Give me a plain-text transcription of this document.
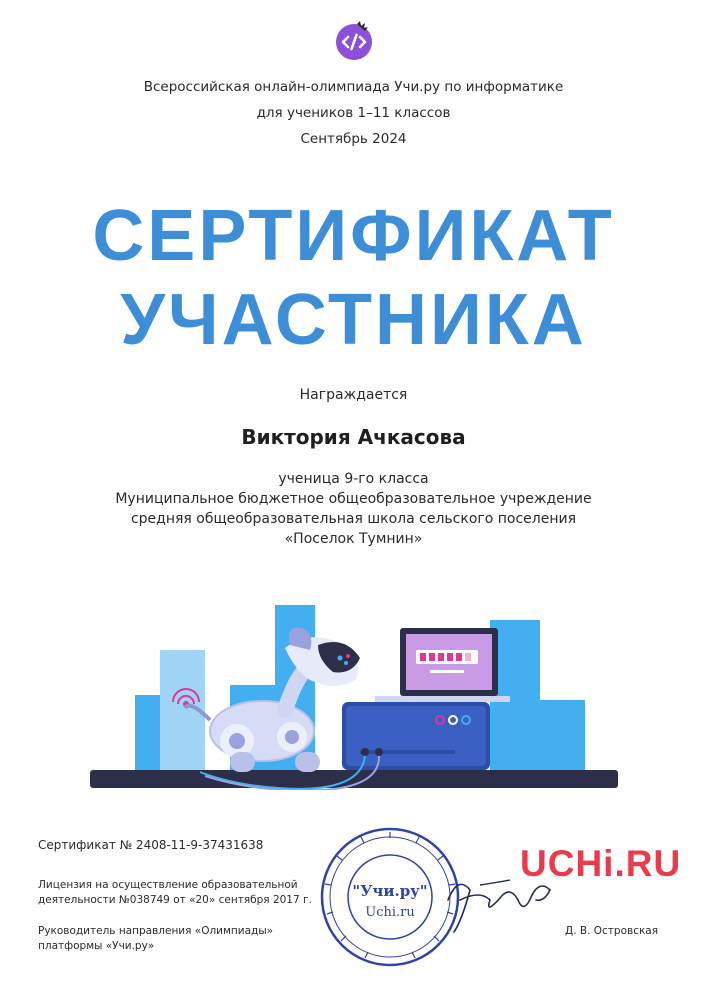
Всероссийская онлайн-олимпиада Учи.ру по информатике
для учеников 1–11 классов
Сентябрь 2024
СЕРТИФИКАТ
УЧАСТНИКА
Награждается
Виктория Ачкасова
ученица 9-го класса
Муниципальное бюджетное общеобразовательное учреждение
средняя общеобразовательная школа сельского поселения
«Поселок Тумнин»
Сертификат № 2408-11-9-37431638
Лицензия на осуществление образовательной
деятельности №038749 от «20» сентября 2017 г.
Руководитель направления «Олимпиады»
платформы «Учи.ру»
"Учи.ру"
Uchi.ru
UCHi.RU
Д. В. Островская
